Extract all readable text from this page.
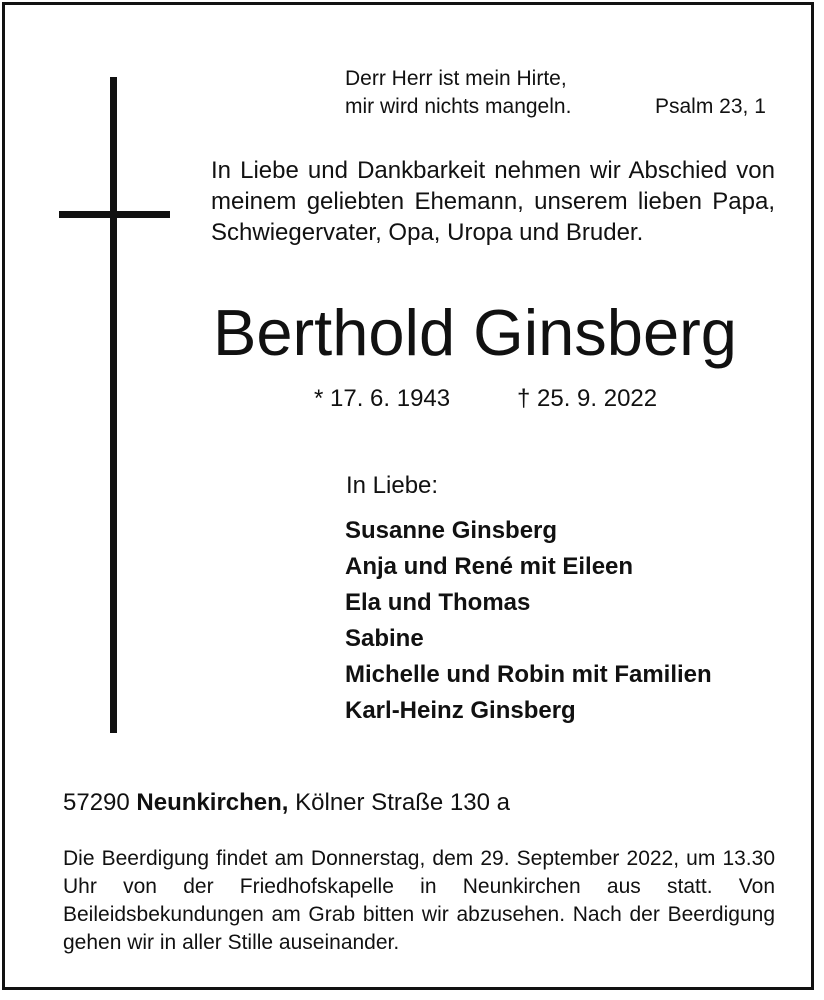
Derr Herr ist mein Hirte,
mir wird nichts mangeln.	Psalm 23, 1
In Liebe und Dankbarkeit nehmen wir Abschied von meinem geliebten Ehemann, unserem lieben Papa, Schwiegervater, Opa, Uropa und Bruder.
Berthold Ginsberg
* 17. 6. 1943	† 25. 9. 2022
In Liebe:
Susanne Ginsberg
Anja und René mit Eileen
Ela und Thomas
Sabine
Michelle und Robin mit Familien
Karl-Heinz Ginsberg
57290 Neunkirchen, Kölner Straße 130 a
Die Beerdigung findet am Donnerstag, dem 29. September 2022, um 13.30 Uhr von der Friedhofskapelle in Neunkirchen aus statt. Von Beileidsbekundungen am Grab bitten wir abzusehen. Nach der Beerdigung gehen wir in aller Stille auseinander.
